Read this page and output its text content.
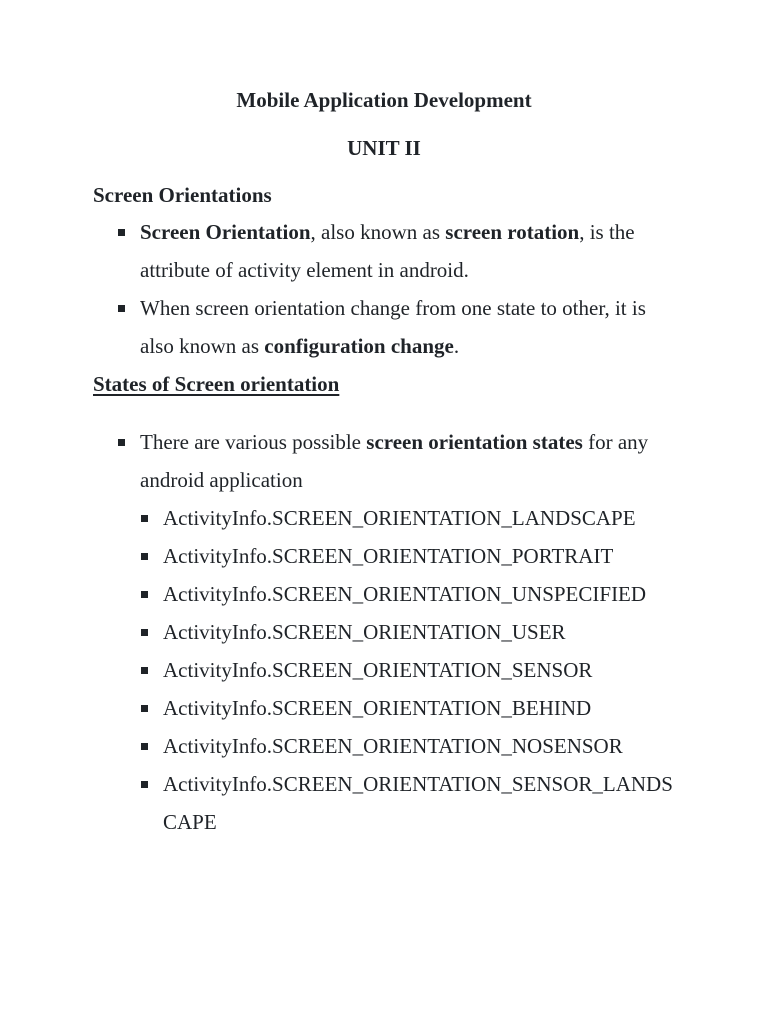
Mobile Application Development
UNIT II
Screen Orientations
Screen Orientation, also known as screen rotation, is the attribute of activity element in android.
When screen orientation change from one state to other, it is also known as configuration change.
States of Screen orientation
There are various possible screen orientation states for any android application
ActivityInfo.SCREEN_ORIENTATION_LANDSCAPE
ActivityInfo.SCREEN_ORIENTATION_PORTRAIT
ActivityInfo.SCREEN_ORIENTATION_UNSPECIFIED
ActivityInfo.SCREEN_ORIENTATION_USER
ActivityInfo.SCREEN_ORIENTATION_SENSOR
ActivityInfo.SCREEN_ORIENTATION_BEHIND
ActivityInfo.SCREEN_ORIENTATION_NOSENSOR
ActivityInfo.SCREEN_ORIENTATION_SENSOR_LANDSCAPE
